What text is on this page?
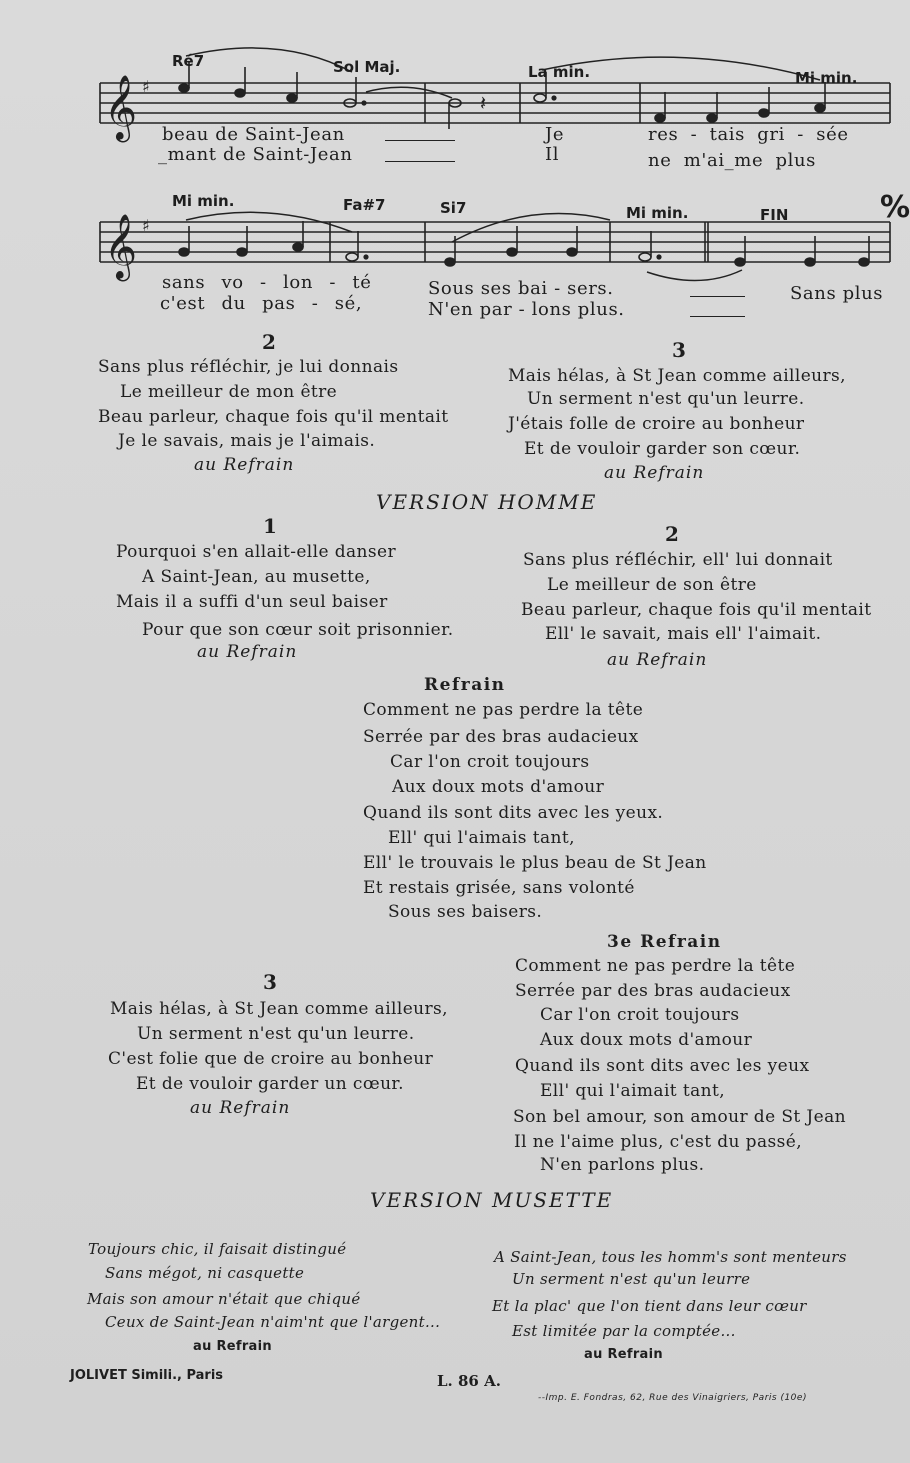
𝄞 ♯
𝄽
Ré7	Sol Maj.	La min.	Mi min.
beau de Saint-Jean	Je	res - tais gri - sée
_mant de Saint-Jean	Il	ne m'ai_me plus
𝄞 ♯
Mi min.	Fa#7	Si7	Mi min.	FIN	%
sans vo - lon - té	Sous ses bai - sers.	Sans plus
c'est du pas - sé,	N'en par - lons plus.
2
Sans plus réfléchir, je lui donnais
Le meilleur de mon être
Beau parleur, chaque fois qu'il mentait
Je le savais, mais je l'aimais.
au Refrain
3
Mais hélas, à St Jean comme ailleurs,
Un serment n'est qu'un leurre.
J'étais folle de croire au bonheur
Et de vouloir garder son cœur.
au Refrain
VERSION HOMME
1
Pourquoi s'en allait-elle danser
A Saint-Jean, au musette,
Mais il a suffi d'un seul baiser
Pour que son cœur soit prisonnier.
au Refrain
2
Sans plus réfléchir, ell' lui donnait
Le meilleur de son être
Beau parleur, chaque fois qu'il mentait
Ell' le savait, mais ell' l'aimait.
au Refrain
Refrain
Comment ne pas perdre la tête
Serrée par des bras audacieux
Car l'on croit toujours
Aux doux mots d'amour
Quand ils sont dits avec les yeux.
Ell' qui l'aimais tant,
Ell' le trouvais le plus beau de St Jean
Et restais grisée, sans volonté
Sous ses baisers.
3
Mais hélas, à St Jean comme ailleurs,
Un serment n'est qu'un leurre.
C'est folie que de croire au bonheur
Et de vouloir garder un cœur.
au Refrain
3e Refrain
Comment ne pas perdre la tête
Serrée par des bras audacieux
Car l'on croit toujours
Aux doux mots d'amour
Quand ils sont dits avec les yeux
Ell' qui l'aimait tant,
Son bel amour, son amour de St Jean
Il ne l'aime plus, c'est du passé,
N'en parlons plus.
VERSION MUSETTE
Toujours chic, il faisait distingué
Sans mégot, ni casquette
Mais son amour n'était que chiqué
Ceux de Saint-Jean n'aim'nt que l'argent...
au Refrain
A Saint-Jean, tous les homm's sont menteurs
Un serment n'est qu'un leurre
Et la plac' que l'on tient dans leur cœur
Est limitée par la comptée...
au Refrain
JOLIVET Simili., Paris	L. 86 A.
--Imp. E. Fondras, 62, Rue des Vinaigriers, Paris (10e)
